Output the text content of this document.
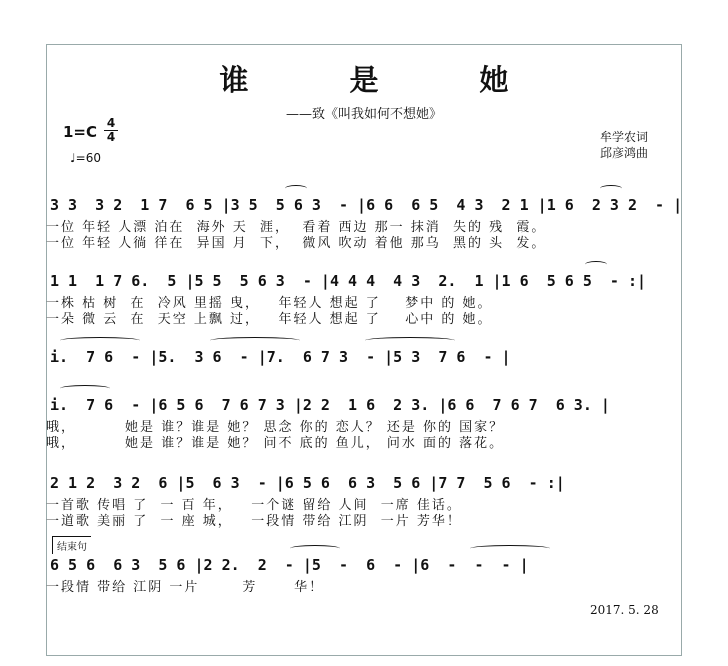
谁　是　她
——致《叫我如何不想她》
1=C 4
4
♩=60
牟学农词
邱彦鸿曲
3 3  3 2  1 7  6 5 |3 5  5 6 3  - |6 6  6 5  4 3  2 1 |1 6  2 3 2  - |
一位 年轻 人漂 泊在  海外 天  涯，  看着 西边 那一 抹消  失的 残  霞。
一位 年轻 人徜 徉在  异国 月  下，  微风 吹动 着他 那乌  黑的 头  发。
1 1  1 7 6.  5 |5 5  5 6 3  - |4 4 4  4 3  2.  1 |1 6  5 6 5  - :|
一株 枯 树  在  冷风 里摇 曳，   年轻人 想起 了    梦中 的 她。
一朵 微 云  在  天空 上飘 过，   年轻人 想起 了    心中 的 她。
i.  7 6  - |5.  3 6  - |7.  6 7 3  - |5 3  7 6  - |
i.  7 6  - |6 5 6  7 6 7 3 |2 2  1 6  2 3. |6 6  7 6 7  6 3. |
哦，        她是 谁？谁是 她？ 思念 你的 恋人？ 还是 你的 国家？
哦，        她是 谁？谁是 她？ 问不 底的 鱼儿， 问水 面的 落花。
2 1 2  3 2  6 |5  6 3  - |6 5 6  6 3  5 6 |7 7  5 6  - :|
一首歌 传唱 了  一 百 年，   一个谜 留给 人间  一席 佳话。
一道歌 美丽 了  一 座 城，   一段情 带给 江阴  一片 芳华！
结束句
6 5 6  6 3  5 6 |2 2.  2  - |5  -  6  - |6  -  -  - |
一段情 带给 江阴 一片       芳      华！
2017. 5. 28
